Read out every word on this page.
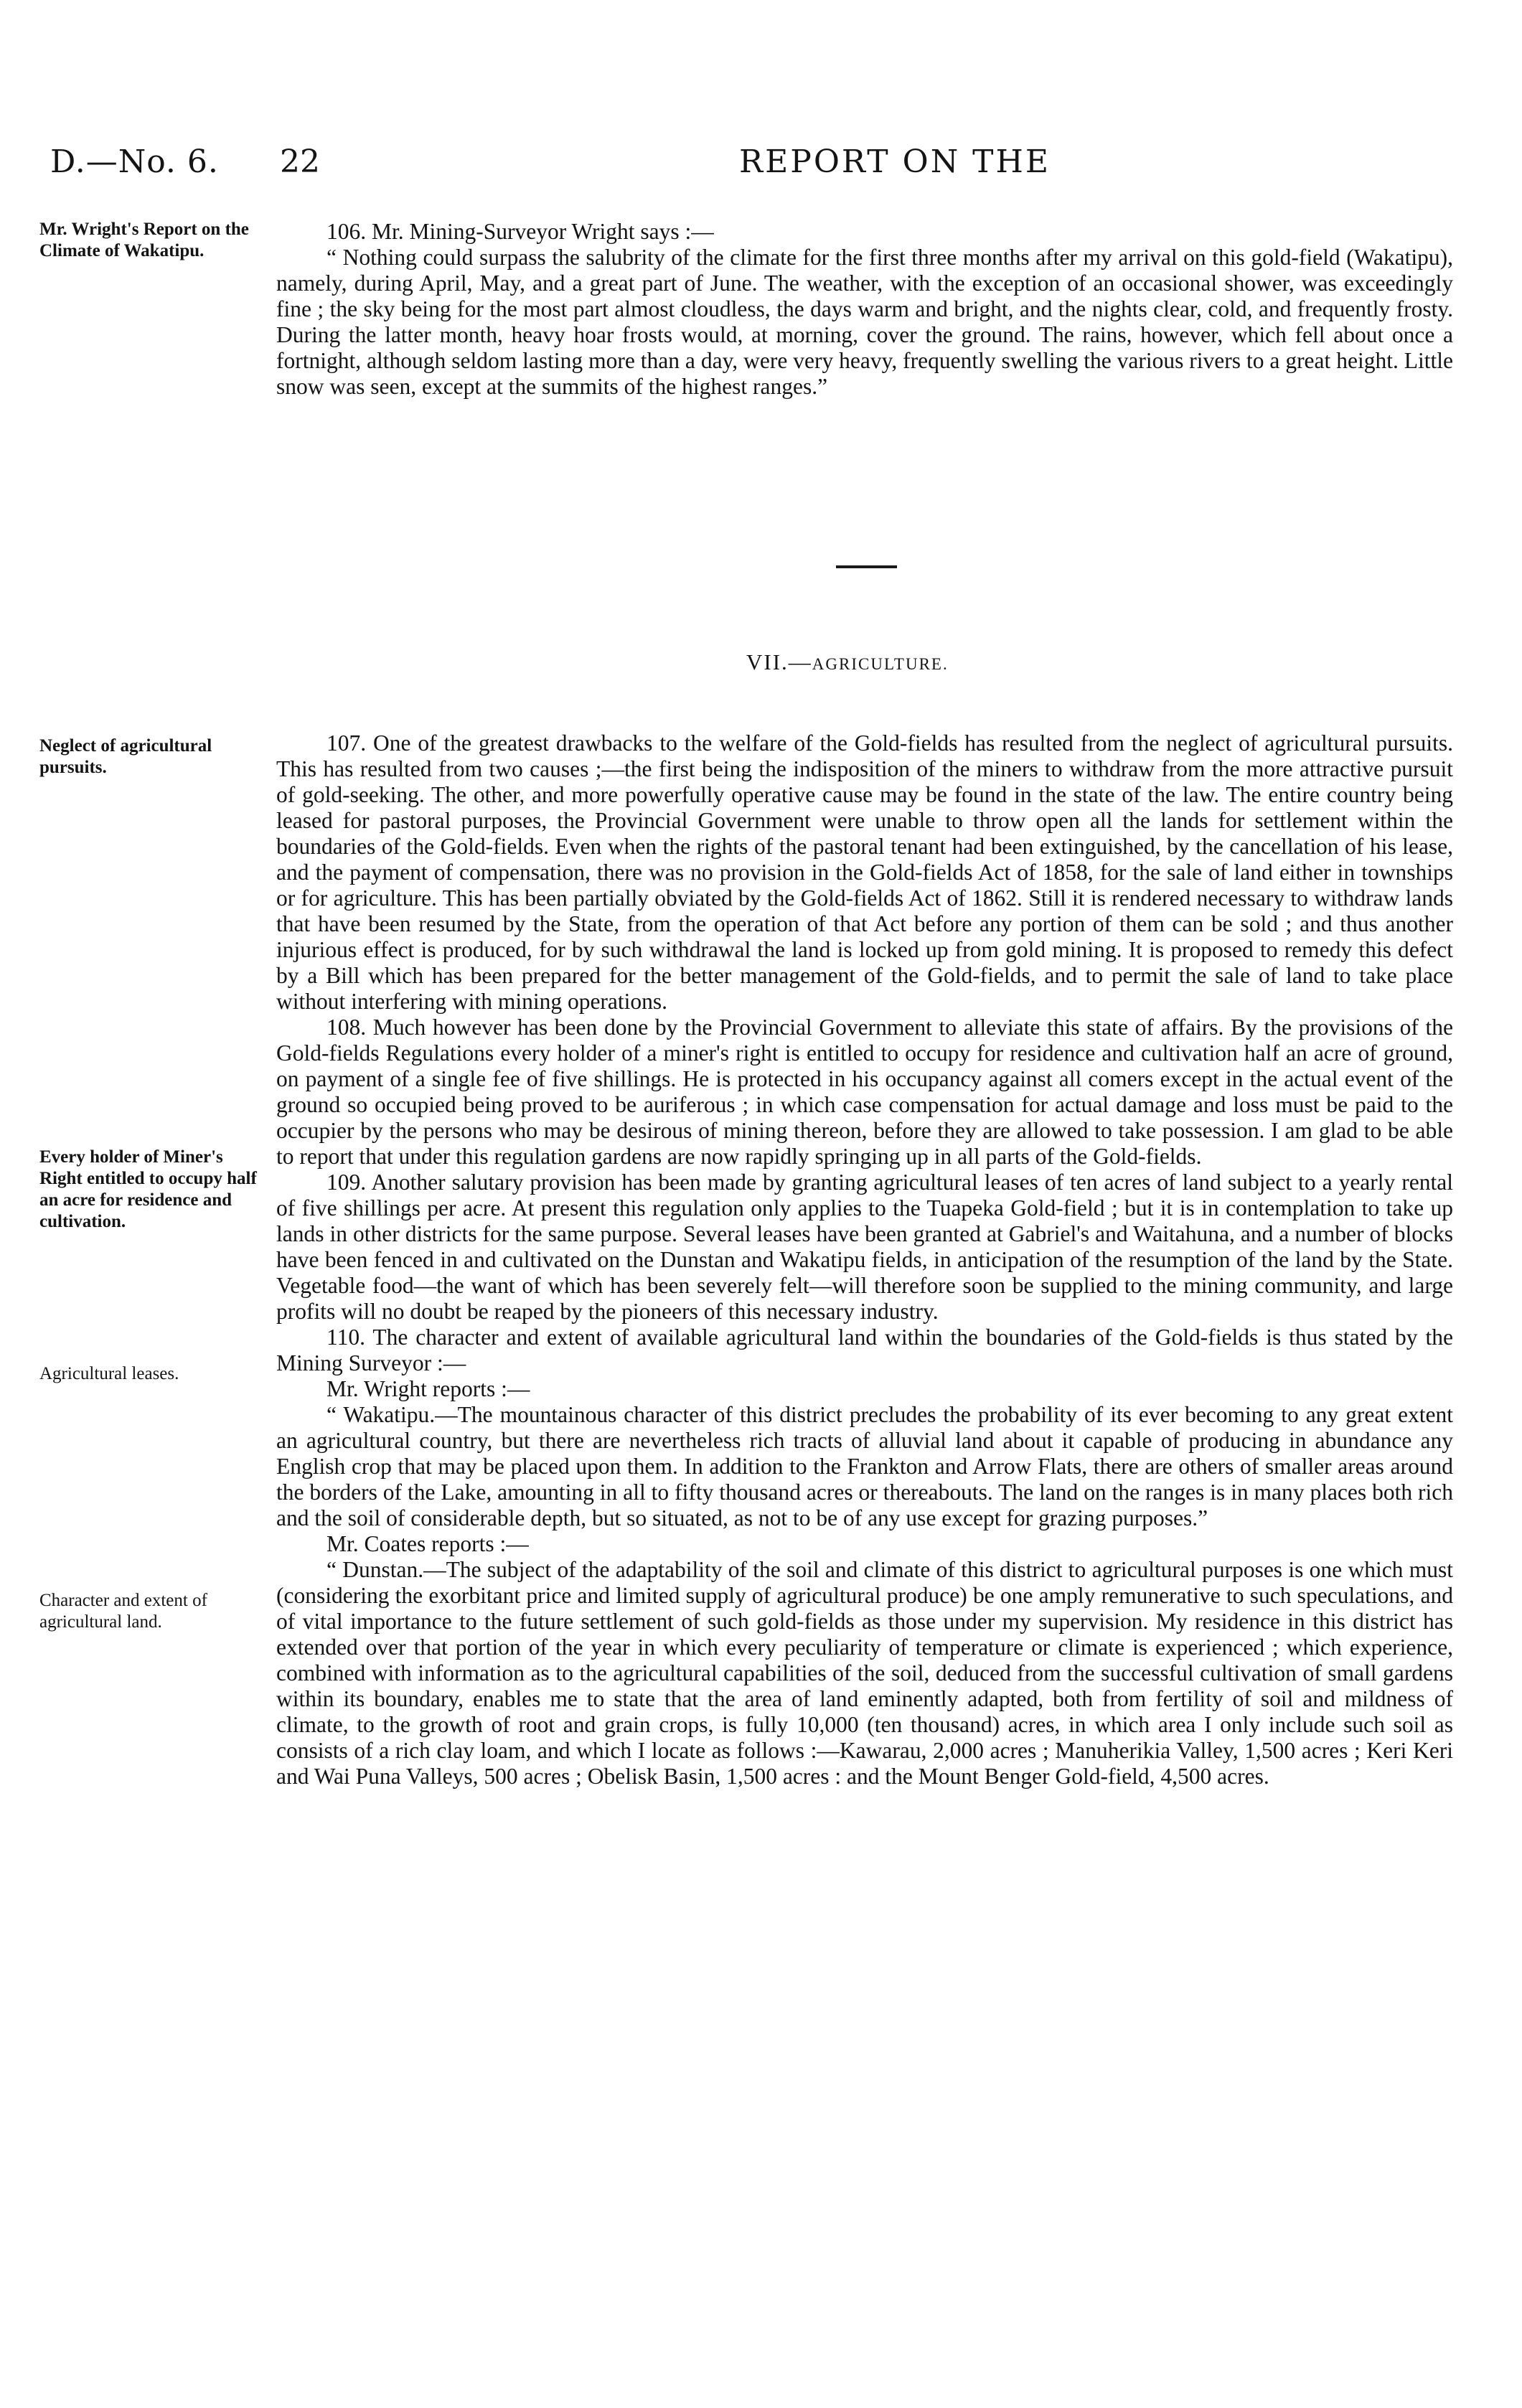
D.—No. 6. 22	REPORT ON THE
Mr. Wright's Report on the Climate of Wakatipu.
Neglect of agricultural pursuits.
Every holder of Miner's Right entitled to occupy half an acre for residence and cultivation.
Agricultural leases.
Character and extent of agricultural land.

106. Mr. Mining-Surveyor Wright says :—

“ Nothing could surpass the salubrity of the climate for the first three months after my arrival on this gold-field (Wakatipu), namely, during April, May, and a great part of June. The weather, with the exception of an occasional shower, was exceedingly fine ; the sky being for the most part almost cloudless, the days warm and bright, and the nights clear, cold, and frequently frosty. During the latter month, heavy hoar frosts would, at morning, cover the ground. The rains, however, which fell about once a fortnight, although seldom lasting more than a day, were very heavy, frequently swelling the various rivers to a great height. Little snow was seen, except at the summits of the highest ranges.”

VII.—AGRICULTURE.

107. One of the greatest drawbacks to the welfare of the Gold-fields has resulted from the neglect of agricultural pursuits. This has resulted from two causes ;—the first being the indisposition of the miners to withdraw from the more attractive pursuit of gold-seeking. The other, and more powerfully operative cause may be found in the state of the law. The entire country being leased for pastoral purposes, the Provincial Government were unable to throw open all the lands for settlement within the boundaries of the Gold-fields. Even when the rights of the pastoral tenant had been extinguished, by the cancellation of his lease, and the payment of compensation, there was no provision in the Gold-fields Act of 1858, for the sale of land either in townships or for agriculture. This has been partially obviated by the Gold-fields Act of 1862. Still it is rendered necessary to withdraw lands that have been resumed by the State, from the operation of that Act before any portion of them can be sold ; and thus another injurious effect is produced, for by such withdrawal the land is locked up from gold mining. It is proposed to remedy this defect by a Bill which has been prepared for the better management of the Gold-fields, and to permit the sale of land to take place without interfering with mining operations.

108. Much however has been done by the Provincial Government to alleviate this state of affairs. By the provisions of the Gold-fields Regulations every holder of a miner's right is entitled to occupy for residence and cultivation half an acre of ground, on payment of a single fee of five shillings. He is protected in his occupancy against all comers except in the actual event of the ground so occupied being proved to be auriferous ; in which case compensation for actual damage and loss must be paid to the occupier by the persons who may be desirous of mining thereon, before they are allowed to take possession. I am glad to be able to report that under this regulation gardens are now rapidly springing up in all parts of the Gold-fields.

109. Another salutary provision has been made by granting agricultural leases of ten acres of land subject to a yearly rental of five shillings per acre. At present this regulation only applies to the Tuapeka Gold-field ; but it is in contemplation to take up lands in other districts for the same purpose. Several leases have been granted at Gabriel's and Waitahuna, and a number of blocks have been fenced in and cultivated on the Dunstan and Wakatipu fields, in anticipation of the resumption of the land by the State. Vegetable food—the want of which has been severely felt—will therefore soon be supplied to the mining community, and large profits will no doubt be reaped by the pioneers of this necessary industry.

110. The character and extent of available agricultural land within the boundaries of the Gold-fields is thus stated by the Mining Surveyor :—

Mr. Wright reports :—

“ Wakatipu.—The mountainous character of this district precludes the probability of its ever becoming to any great extent an agricultural country, but there are nevertheless rich tracts of alluvial land about it capable of producing in abundance any English crop that may be placed upon them. In addition to the Frankton and Arrow Flats, there are others of smaller areas around the borders of the Lake, amounting in all to fifty thousand acres or thereabouts. The land on the ranges is in many places both rich and the soil of considerable depth, but so situated, as not to be of any use except for grazing purposes.”

Mr. Coates reports :—

“ Dunstan.—The subject of the adaptability of the soil and climate of this district to agricultural purposes is one which must (considering the exorbitant price and limited supply of agricultural produce) be one amply remunerative to such speculations, and of vital importance to the future settlement of such gold-fields as those under my supervision. My residence in this district has extended over that portion of the year in which every peculiarity of temperature or climate is experienced ; which experience, combined with information as to the agricultural capabilities of the soil, deduced from the successful cultivation of small gardens within its boundary, enables me to state that the area of land eminently adapted, both from fertility of soil and mildness of climate, to the growth of root and grain crops, is fully 10,000 (ten thousand) acres, in which area I only include such soil as consists of a rich clay loam, and which I locate as follows :—Kawarau, 2,000 acres ; Manuherikia Valley, 1,500 acres ; Keri Keri and Wai Puna Valleys, 500 acres ; Obelisk Basin, 1,500 acres : and the Mount Benger Gold-field, 4,500 acres.
